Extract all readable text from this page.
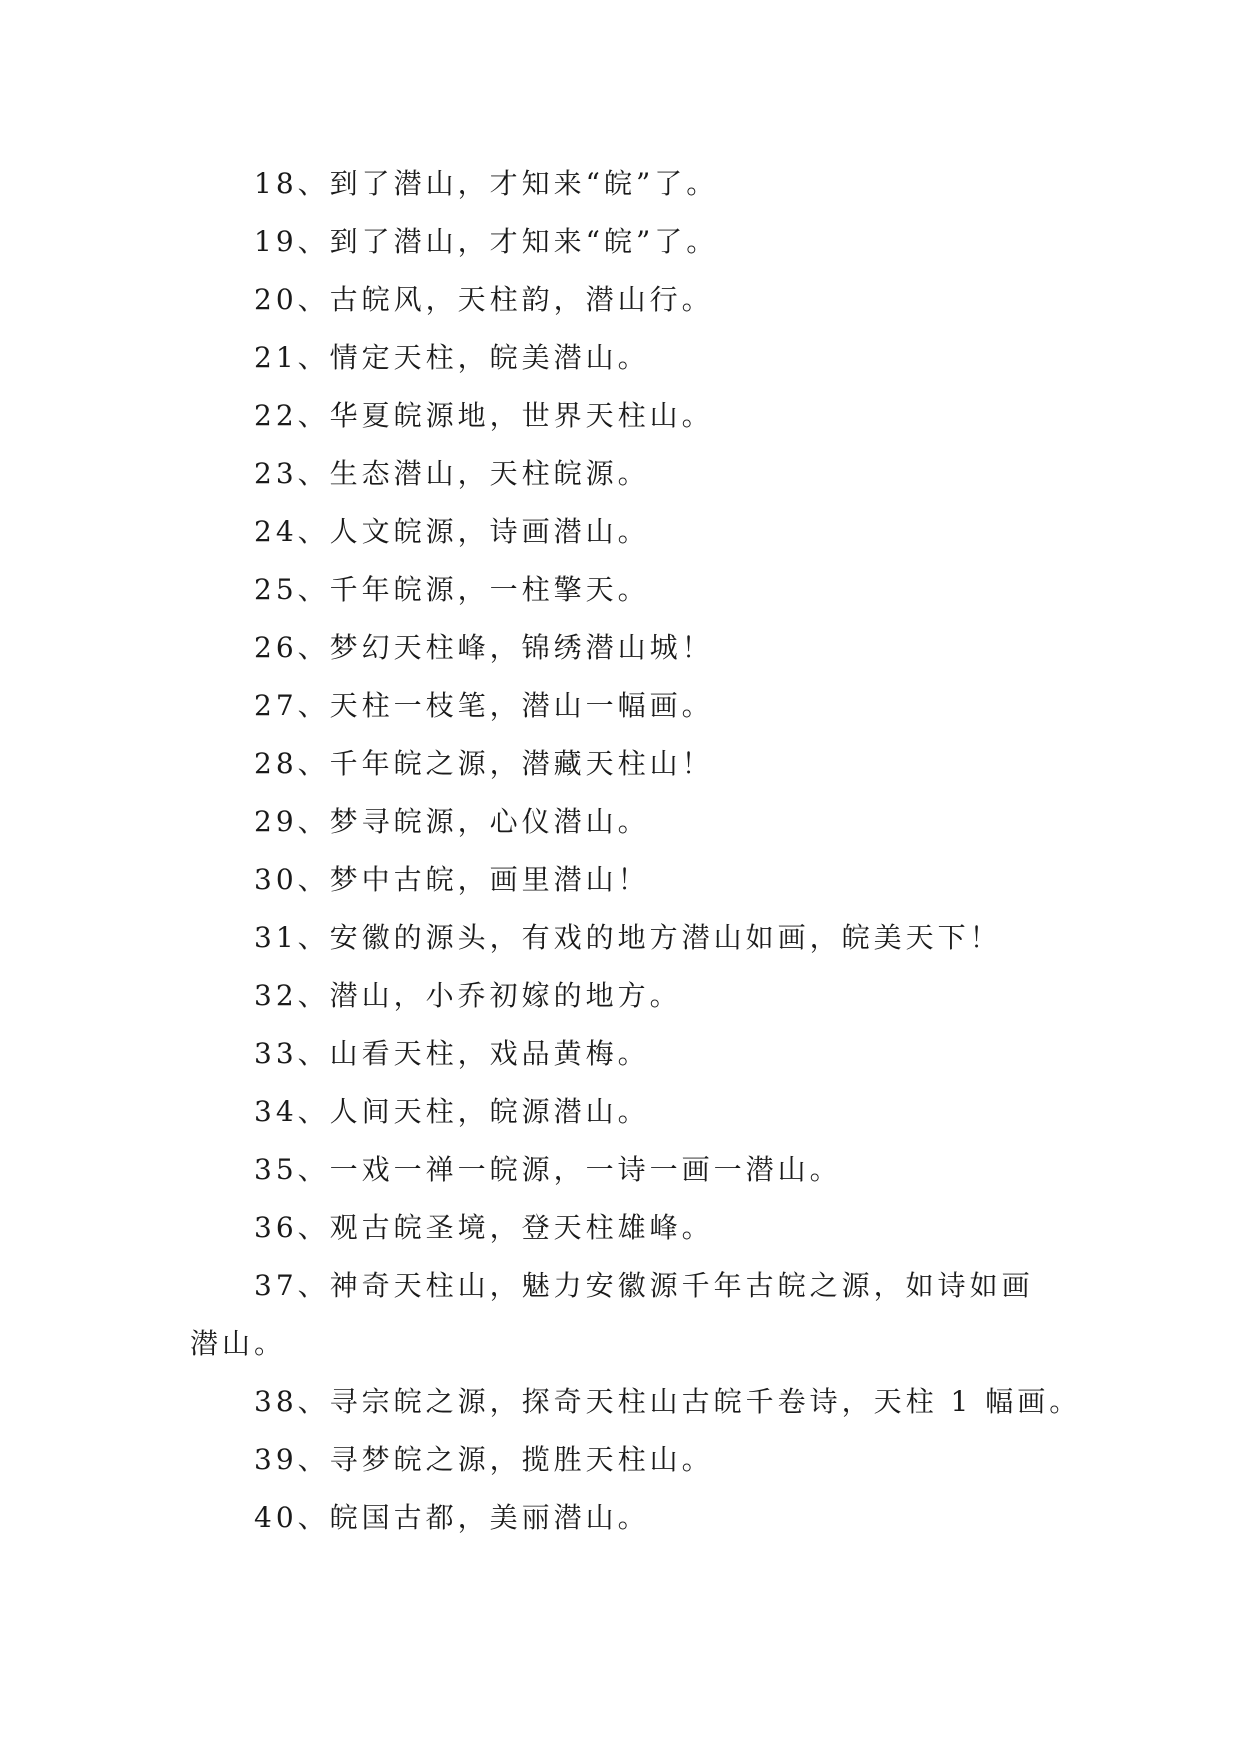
18、到了潜山，才知来“皖”了。
19、到了潜山，才知来“皖”了。
20、古皖风，天柱韵，潜山行。
21、情定天柱，皖美潜山。
22、华夏皖源地，世界天柱山。
23、生态潜山，天柱皖源。
24、人文皖源，诗画潜山。
25、千年皖源，一柱擎天。
26、梦幻天柱峰，锦绣潜山城！
27、天柱一枝笔，潜山一幅画。
28、千年皖之源，潜藏天柱山！
29、梦寻皖源，心仪潜山。
30、梦中古皖，画里潜山！
31、安徽的源头，有戏的地方潜山如画，皖美天下！
32、潜山，小乔初嫁的地方。
33、山看天柱，戏品黄梅。
34、人间天柱，皖源潜山。
35、一戏一禅一皖源，一诗一画一潜山。
36、观古皖圣境，登天柱雄峰。
37、神奇天柱山，魅力安徽源千年古皖之源，如诗如画
潜山。
38、寻宗皖之源，探奇天柱山古皖千卷诗，天柱 1 幅画。
39、寻梦皖之源，揽胜天柱山。
40、皖国古都，美丽潜山。
